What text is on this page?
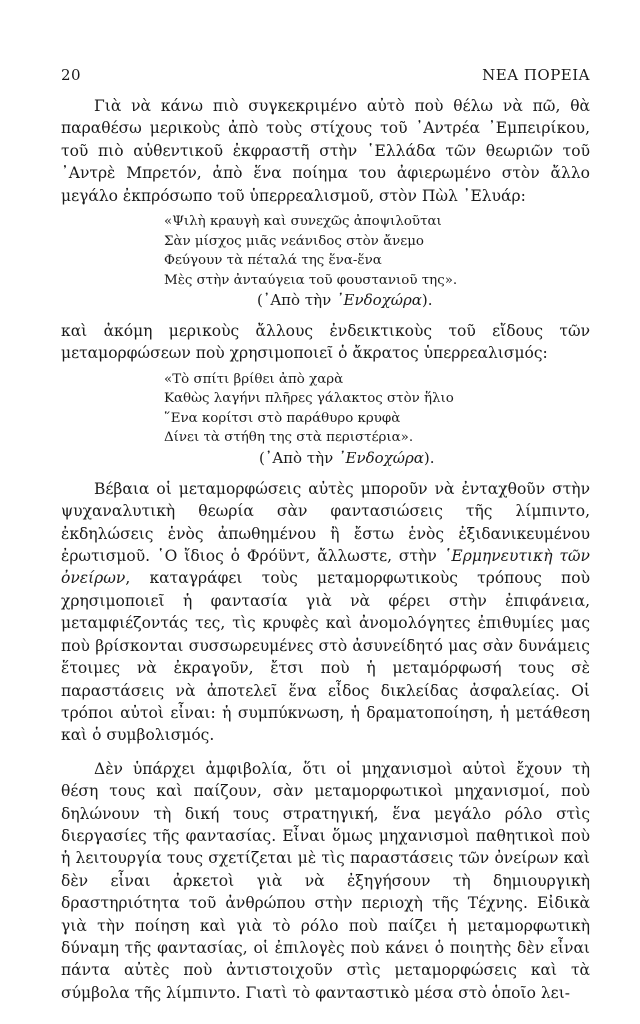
20	ΝΕΑ ΠΟΡΕΙΑ

Γιὰ νὰ κάνω πιὸ συγκεκριμένο αὐτὸ ποὺ θέλω νὰ πῶ, θὰ παραθέσω μερικοὺς ἀπὸ τοὺς στίχους τοῦ ᾿Αντρέα ᾿Εμπειρίκου, τοῦ πιὸ αὐθεντικοῦ ἐκφραστῆ στὴν ῾Ελλάδα τῶν θεωριῶν τοῦ ᾿Αντρὲ Μπρετόν, ἀπὸ ἕνα ποίημα του ἀφιερωμένο στὸν ἄλλο μεγάλο ἐκπρόσωπο τοῦ ὑπερρεαλισμοῦ, στὸν Πὼλ ᾿Ελυάρ:

«Ψιλὴ κραυγὴ καὶ συνεχῶς ἀποψιλοῦται
Σὰν μίσχος μιᾶς νεάνιδος στὸν ἄνεμο
Φεύγουν τὰ πέταλά της ἕνα-ἕνα
Μὲς στὴν ἀνταύγεια τοῦ φουστανιοῦ της».
(᾿Απὸ τὴν ᾿Ενδοχώρα).

καὶ ἀκόμη μερικοὺς ἄλλους ἐνδεικτικοὺς τοῦ εἴδους τῶν μεταμορφώσεων ποὺ χρησιμοποιεῖ ὁ ἄκρατος ὑπερρεαλισμός:

«Τὸ σπίτι βρίθει ἀπὸ χαρὰ
Καθὼς λαγήνι πλῆρες γάλακτος στὸν ἥλιο
῞Ενα κορίτσι στὸ παράθυρο κρυφὰ
Δίνει τὰ στήθη της στὰ περιστέρια».
(᾿Απὸ τὴν ᾿Ενδοχώρα).

Βέβαια οἱ μεταμορφώσεις αὐτὲς μποροῦν νὰ ἐνταχθοῦν στὴν ψυχαναλυτικὴ θεωρία σὰν φαντασιώσεις τῆς λίμπιντο, ἐκδηλώσεις ἑνὸς ἀπωθημένου ἢ ἔστω ἑνὸς ἐξιδανικευμένου ἐρωτισμοῦ. ῾Ο ἴδιος ὁ Φρόϋντ, ἄλλωστε, στὴν ῾Ερμηνευτικὴ τῶν ὀνείρων, καταγράφει τοὺς μεταμορφωτικοὺς τρόπους ποὺ χρησιμοποιεῖ ἡ φαντασία γιὰ νὰ φέρει στὴν ἐπιφάνεια, μεταμφιέζοντάς τες, τὶς κρυφὲς καὶ ἀνομολόγητες ἐπιθυμίες μας ποὺ βρίσκονται συσσωρευμένες στὸ ἀσυνείδητό μας σὰν δυνάμεις ἕτοιμες νὰ ἐκραγοῦν, ἔτσι ποὺ ἡ μεταμόρφωσή τους σὲ παραστάσεις νὰ ἀποτελεῖ ἕνα εἶδος δικλείδας ἀσφαλείας. Οἱ τρόποι αὐτοὶ εἶναι: ἡ συμπύκνωση, ἡ δραματοποίηση, ἡ μετάθεση καὶ ὁ συμβολισμός.

Δὲν ὑπάρχει ἀμφιβολία, ὅτι οἱ μηχανισμοὶ αὐτοὶ ἔχουν τὴ θέση τους καὶ παίζουν, σὰν μεταμορφωτικοὶ μηχανισμοί, ποὺ δηλώνουν τὴ δική τους στρατηγική, ἕνα μεγάλο ρόλο στὶς διεργασίες τῆς φαντασίας. Εἶναι ὅμως μηχανισμοὶ παθητικοὶ ποὺ ἡ λειτουργία τους σχετίζεται μὲ τὶς παραστάσεις τῶν ὀνείρων καὶ δὲν εἶναι ἀρκετοὶ γιὰ νὰ ἐξηγήσουν τὴ δημιουργικὴ δραστηριότητα τοῦ ἀνθρώπου στὴν περιοχὴ τῆς Τέχνης. Εἰδικὰ γιὰ τὴν ποίηση καὶ γιὰ τὸ ρόλο ποὺ παίζει ἡ μεταμορφωτικὴ δύναμη τῆς φαντασίας, οἱ ἐπιλογὲς ποὺ κάνει ὁ ποιητὴς δὲν εἶναι πάντα αὐτὲς ποὺ ἀντιστοιχοῦν στὶς μεταμορφώσεις καὶ τὰ σύμβολα τῆς λίμπιντο. Γιατὶ τὸ φανταστικὸ μέσα στὸ ὁποῖο λει-
